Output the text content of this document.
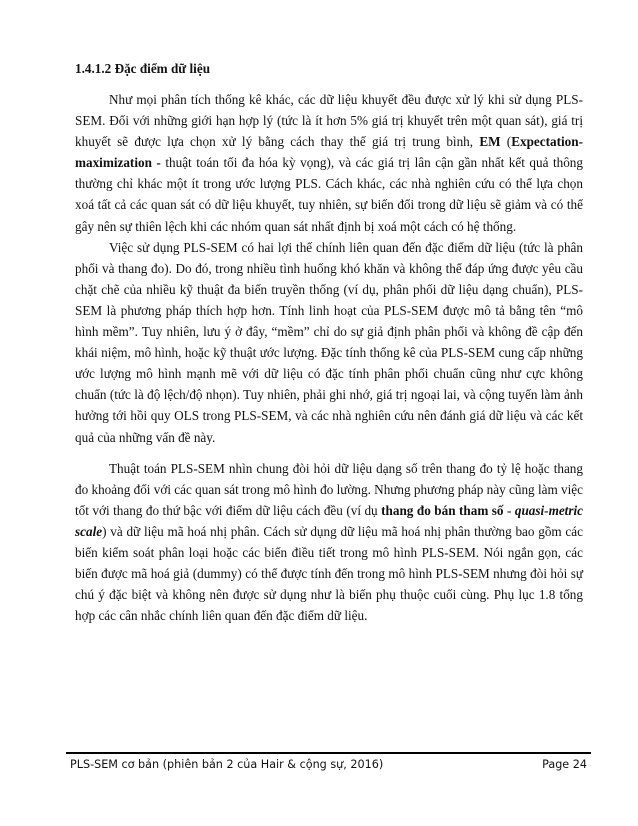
1.4.1.2 Đặc điểm dữ liệu

Như mọi phân tích thống kê khác, các dữ liệu khuyết đều được xử lý khi sử dụng PLS-SEM. Đối với những giới hạn hợp lý (tức là ít hơn 5% giá trị khuyết trên một quan sát), giá trị khuyết sẽ được lựa chọn xử lý bằng cách thay thế giá trị trung bình, EM (Expectation-maximization - thuật toán tối đa hóa kỳ vọng), và các giá trị lân cận gần nhất kết quả thông thường chỉ khác một ít trong ước lượng PLS. Cách khác, các nhà nghiên cứu có thể lựa chọn xoá tất cả các quan sát có dữ liệu khuyết, tuy nhiên, sự biến đổi trong dữ liệu sẽ giảm và có thể gây nên sự thiên lệch khi các nhóm quan sát nhất định bị xoá một cách có hệ thống.

Việc sử dụng PLS-SEM có hai lợi thế chính liên quan đến đặc điểm dữ liệu (tức là phân phối và thang đo). Do đó, trong nhiều tình huống khó khăn và không thể đáp ứng được yêu cầu chặt chẽ của nhiều kỹ thuật đa biến truyền thống (ví dụ, phân phối dữ liệu dạng chuẩn), PLS-SEM là phương pháp thích hợp hơn. Tính linh hoạt của PLS-SEM được mô tả bằng tên “mô hình mềm”. Tuy nhiên, lưu ý ở đây, “mềm” chỉ do sự giả định phân phối và không đề cập đến khái niệm, mô hình, hoặc kỹ thuật ước lượng. Đặc tính thống kê của PLS-SEM cung cấp những ước lượng mô hình mạnh mẽ với dữ liệu có đặc tính phân phối chuẩn cũng như cực không chuẩn (tức là độ lệch/độ nhọn). Tuy nhiên, phải ghi nhớ, giá trị ngoại lai, và cộng tuyến làm ảnh hưởng tới hồi quy OLS trong PLS-SEM, và các nhà nghiên cứu nên đánh giá dữ liệu và các kết quả của những vấn đề này.

Thuật toán PLS-SEM nhìn chung đòi hỏi dữ liệu dạng số trên thang đo tỷ lệ hoặc thang đo khoảng đối với các quan sát trong mô hình đo lường. Nhưng phương pháp này cũng làm việc tốt với thang đo thứ bậc với điểm dữ liệu cách đều (ví dụ thang đo bán tham số - quasi-metric scale) và dữ liệu mã hoá nhị phân. Cách sử dụng dữ liệu mã hoá nhị phân thường bao gồm các biến kiểm soát phân loại hoặc các biến điều tiết trong mô hình PLS-SEM. Nói ngắn gọn, các biến được mã hoá giả (dummy) có thể được tính đến trong mô hình PLS-SEM nhưng đòi hỏi sự chú ý đặc biệt và không nên được sử dụng như là biến phụ thuộc cuối cùng. Phụ lục 1.8 tổng hợp các cân nhắc chính liên quan đến đặc điểm dữ liệu.

PLS-SEM cơ bản (phiên bản 2 của Hair & cộng sự, 2016)	Page 24
